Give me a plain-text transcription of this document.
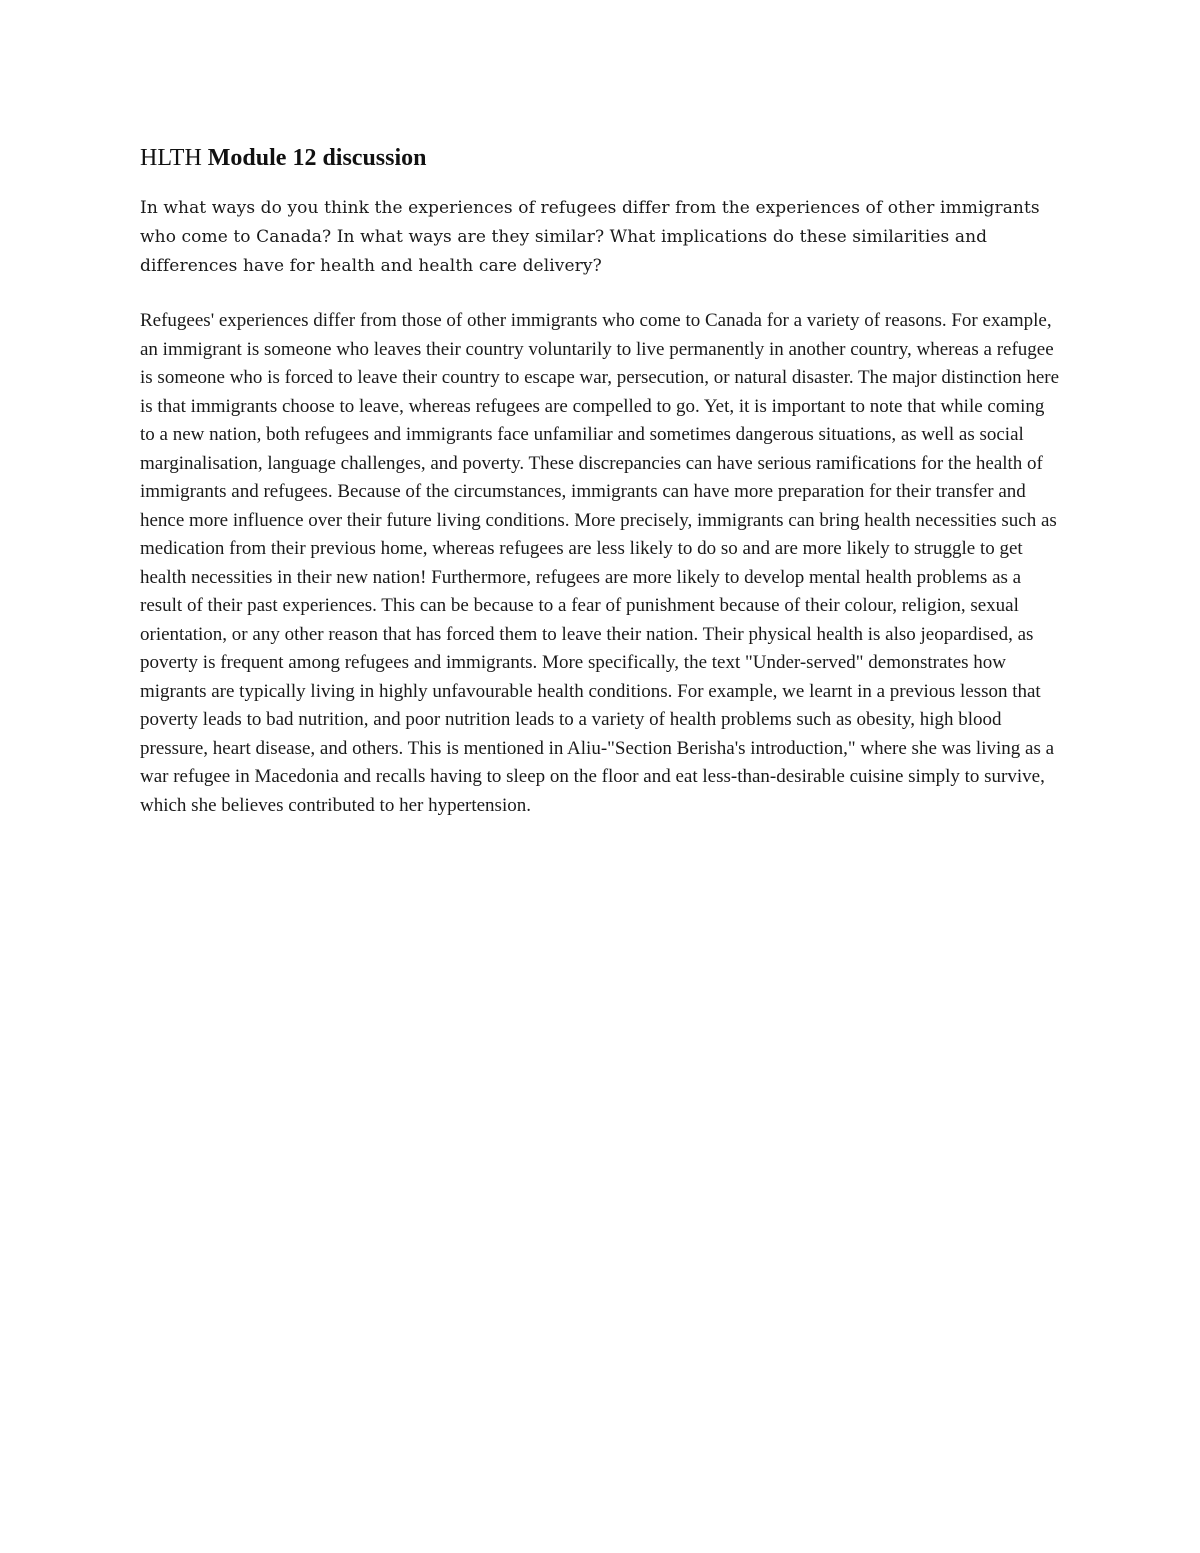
HLTH Module 12 discussion

In what ways do you think the experiences of refugees differ from the experiences of other immigrants who come to Canada? In what ways are they similar? What implications do these similarities and differences have for health and health care delivery?

Refugees' experiences differ from those of other immigrants who come to Canada for a variety of reasons. For example, an immigrant is someone who leaves their country voluntarily to live permanently in another country, whereas a refugee is someone who is forced to leave their country to escape war, persecution, or natural disaster. The major distinction here is that immigrants choose to leave, whereas refugees are compelled to go. Yet, it is important to note that while coming to a new nation, both refugees and immigrants face unfamiliar and sometimes dangerous situations, as well as social marginalisation, language challenges, and poverty. These discrepancies can have serious ramifications for the health of immigrants and refugees. Because of the circumstances, immigrants can have more preparation for their transfer and hence more influence over their future living conditions. More precisely, immigrants can bring health necessities such as medication from their previous home, whereas refugees are less likely to do so and are more likely to struggle to get health necessities in their new nation! Furthermore, refugees are more likely to develop mental health problems as a result of their past experiences. This can be because to a fear of punishment because of their colour, religion, sexual orientation, or any other reason that has forced them to leave their nation. Their physical health is also jeopardised, as poverty is frequent among refugees and immigrants. More specifically, the text "Under-served" demonstrates how migrants are typically living in highly unfavourable health conditions. For example, we learnt in a previous lesson that poverty leads to bad nutrition, and poor nutrition leads to a variety of health problems such as obesity, high blood pressure, heart disease, and others. This is mentioned in Aliu-"Section Berisha's introduction," where she was living as a war refugee in Macedonia and recalls having to sleep on the floor and eat less-than-desirable cuisine simply to survive, which she believes contributed to her hypertension.
